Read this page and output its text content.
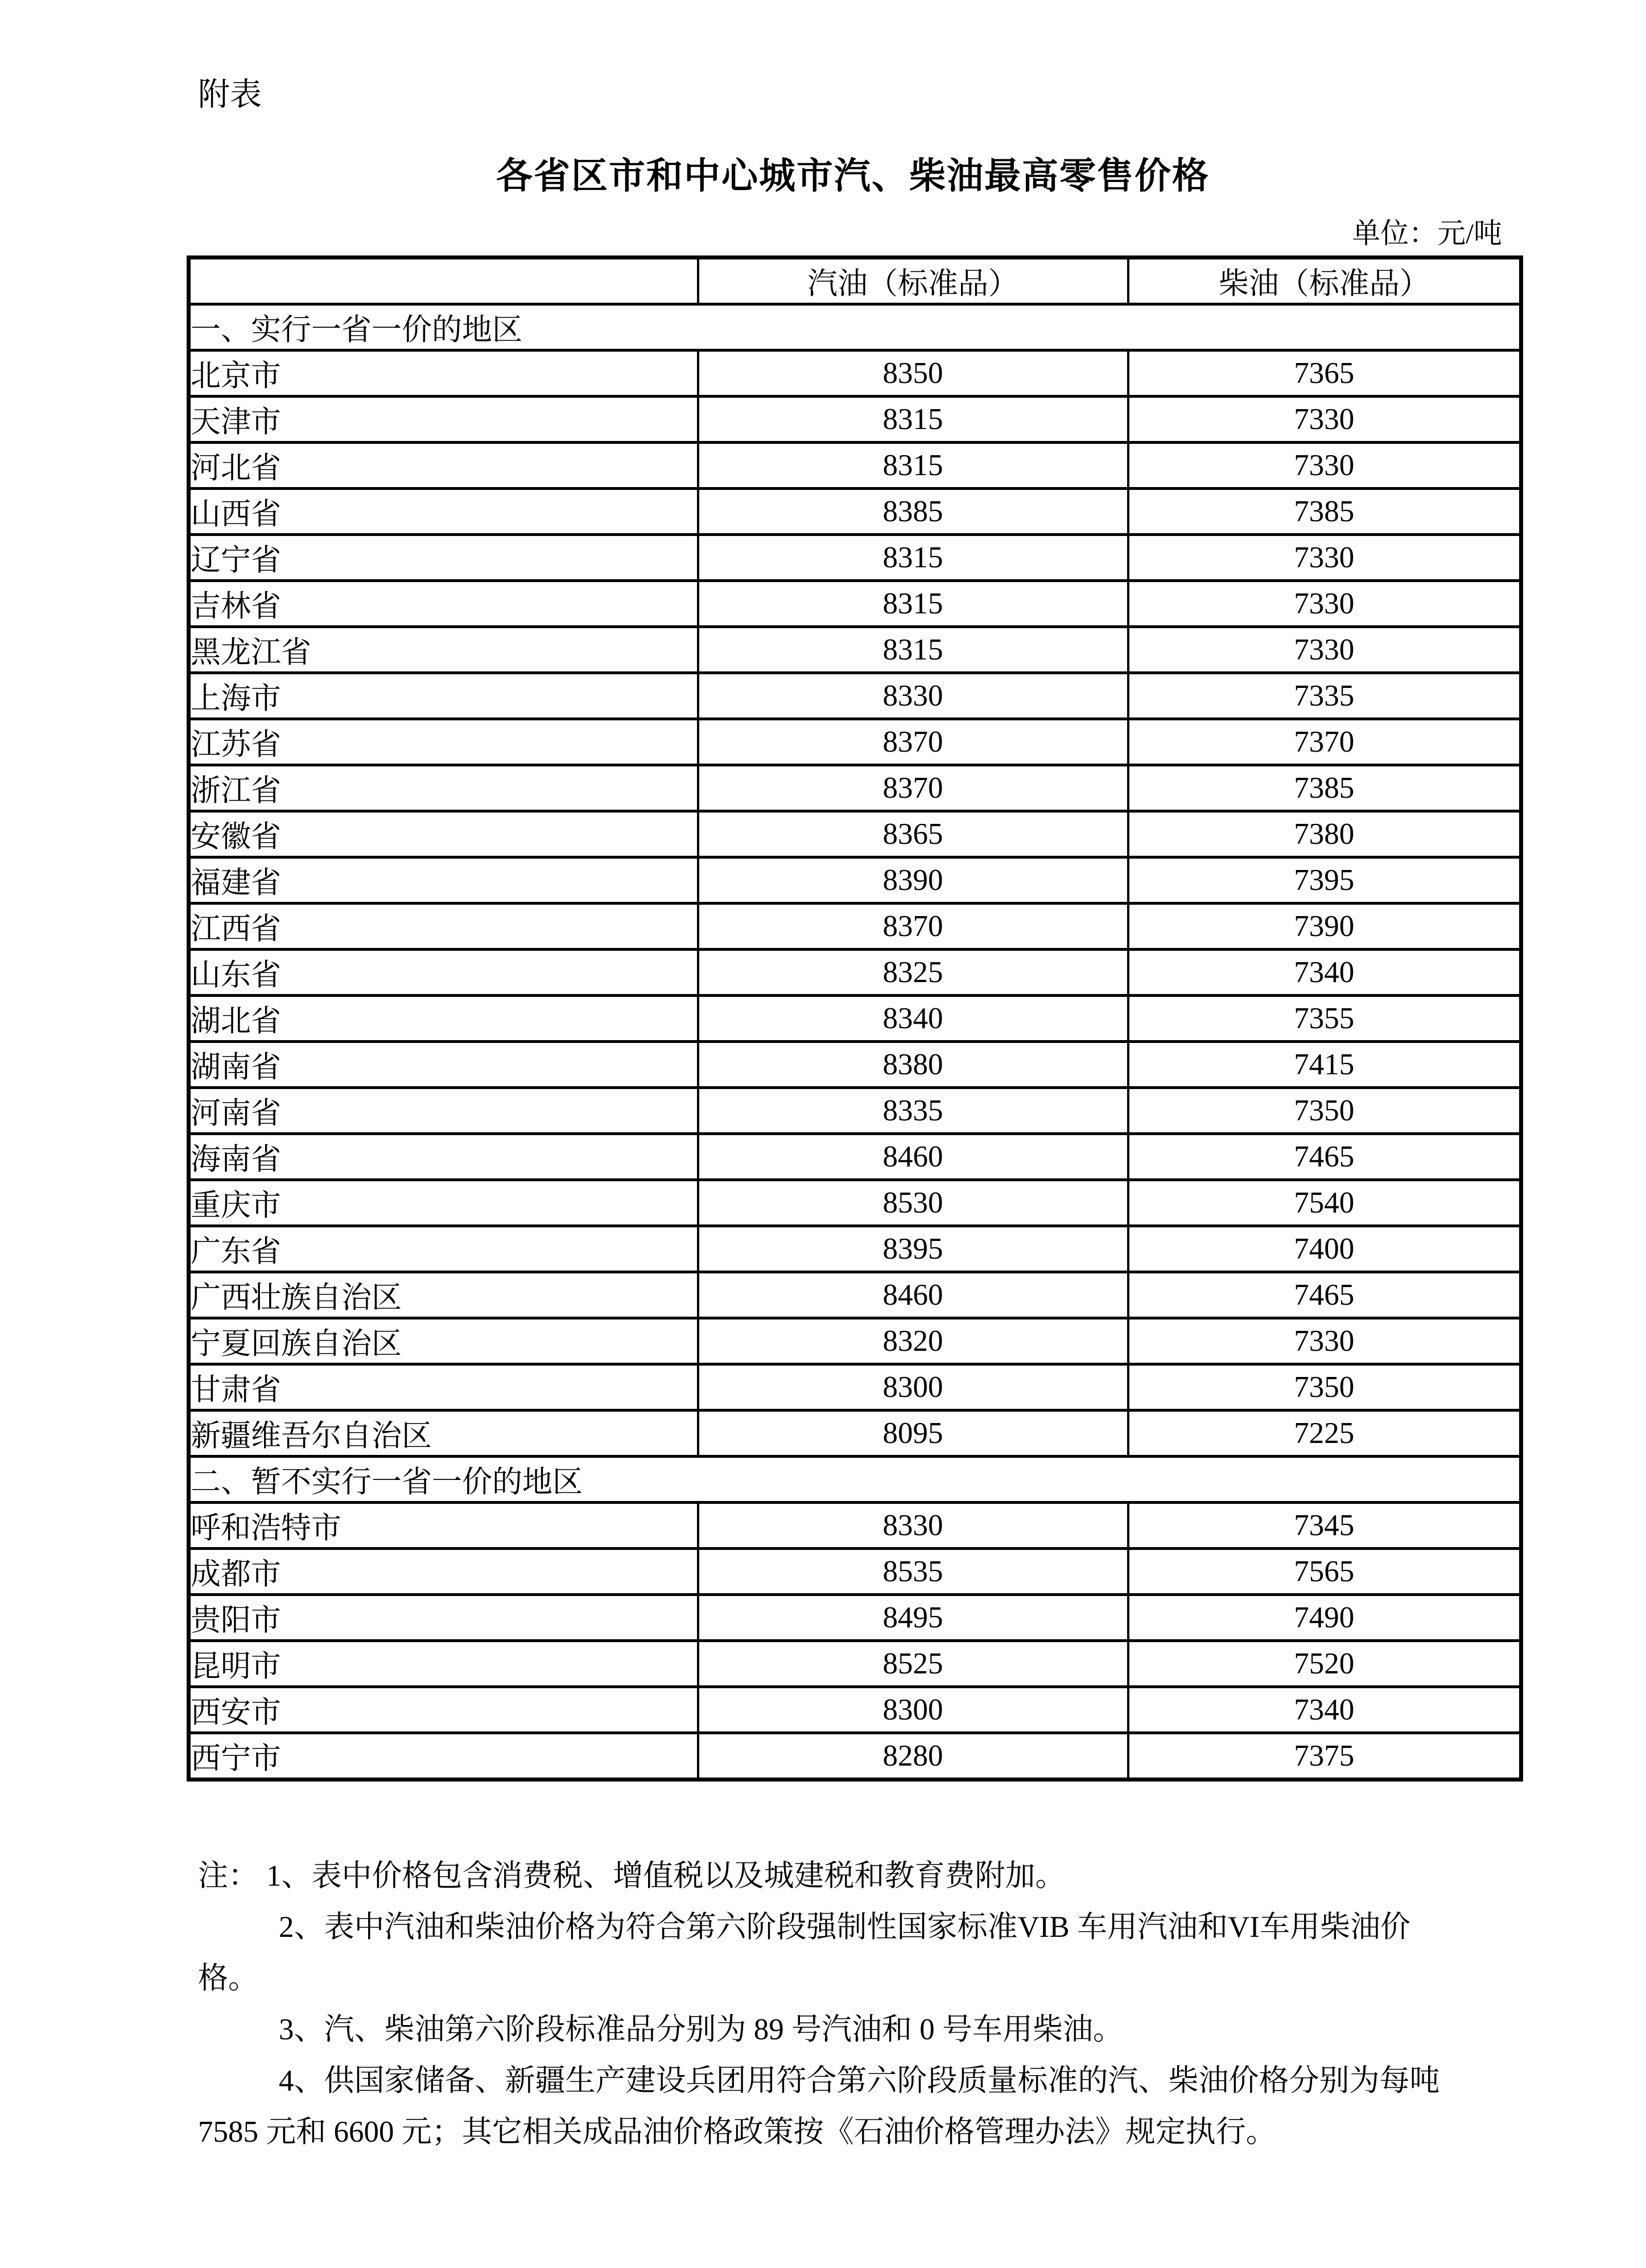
附表
各省区市和中心城市汽、柴油最高零售价格
单位：元/吨
	汽油（标准品）	柴油（标准品）
一、实行一省一价的地区		
北京市	8350	7365
天津市	8315	7330
河北省	8315	7330
山西省	8385	7385
辽宁省	8315	7330
吉林省	8315	7330
黑龙江省	8315	7330
上海市	8330	7335
江苏省	8370	7370
浙江省	8370	7385
安徽省	8365	7380
福建省	8390	7395
江西省	8370	7390
山东省	8325	7340
湖北省	8340	7355
湖南省	8380	7415
河南省	8335	7350
海南省	8460	7465
重庆市	8530	7540
广东省	8395	7400
广西壮族自治区	8460	7465
宁夏回族自治区	8320	7330
甘肃省	8300	7350
新疆维吾尔自治区	8095	7225
二、暂不实行一省一价的地区		
呼和浩特市	8330	7345
成都市	8535	7565
贵阳市	8495	7490
昆明市	8525	7520
西安市	8300	7340
西宁市	8280	7375
注： 1、表中价格包含消费税、增值税以及城建税和教育费附加。
2、表中汽油和柴油价格为符合第六阶段强制性国家标准VIB 车用汽油和VI车用柴油价
格。
3、汽、柴油第六阶段标准品分别为 89 号汽油和 0 号车用柴油。
4、供国家储备、新疆生产建设兵团用符合第六阶段质量标准的汽、柴油价格分别为每吨
7585 元和 6600 元；其它相关成品油价格政策按《石油价格管理办法》规定执行。
